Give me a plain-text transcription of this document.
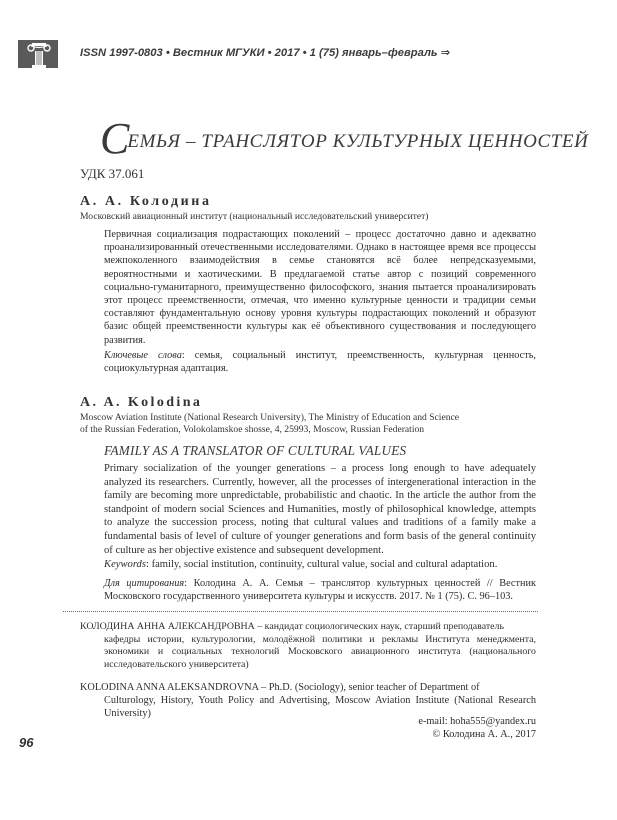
ISSN 1997-0803 • Вестник МГУКИ • 2017 • 1 (75) январь–февраль ⇒
СЕМЬЯ – ТРАНСЛЯТОР КУЛЬТУРНЫХ ЦЕННОСТЕЙ
УДК 37.061
А. А. Колодина
Московский авиационный институт (национальный исследовательский университет)

Первичная социализация подрастающих поколений – процесс достаточно давно и адекватно проанализированный отечественными исследователями. Однако в настоящее время все процессы межпоколенного взаимодействия в семье становятся всё более непредсказуемыми, вероятностными и хаотическими. В предлагаемой статье автор с позиций современного социально-гуманитарного, преимущественно философского, знания пытается проанализировать этот процесс преемственности, отмечая, что именно культурные ценности и традиции семьи составляют фундаментальную основу уровня культуры подрастающих поколений и образуют базис общей преемственности культуры как её объективного существования и последующего развития.

Ключевые слова: семья, социальный институт, преемственность, культурная ценность, социокультурная адаптация.
A. A. Kolodina
Moscow Aviation Institute (National Research University), The Ministry of Education and Science
of the Russian Federation, Volokolamskoe shosse, 4, 25993, Moscow, Russian Federation
FAMILY AS A TRANSLATOR OF CULTURAL VALUES

Primary socialization of the younger generations – a process long enough to have adequately analyzed its researchers. Currently, however, all the processes of intergenerational interaction in the family are becoming more unpredictable, probabilistic and chaotic. In the article the author from the standpoint of modern social Sciences and Humanities, mostly of philosophical knowledge, attempts to analyze the succession process, noting that cultural values and traditions of a family make a fundamental basis of level of culture of younger generations and form basis of the general continuity of culture as her objective existence and subsequent development.

Keywords: family, social institution, continuity, cultural value, social and cultural adaptation.
Для цитирования: Колодина А. А. Семья – транслятор культурных ценностей // Вестник Московского государственного университета культуры и искусств. 2017. № 1 (75). С. 96–103.
КОЛОДИНА АННА АЛЕКСАНДРОВНА – кандидат социологических наук, старший преподаватель
кафедры истории, культурологии, молодёжной политики и рекламы Института менеджмента, экономики и социальных технологий Московского авиационного института (национального исследовательского университета)
KOLODINA ANNA ALEKSANDROVNA – Ph.D. (Sociology), senior teacher of Department of
Culturology, History, Youth Policy and Advertising, Moscow Aviation Institute (National Research University)
e-mail: hoha555@yandex.ru
© Колодина А. А., 2017
96
